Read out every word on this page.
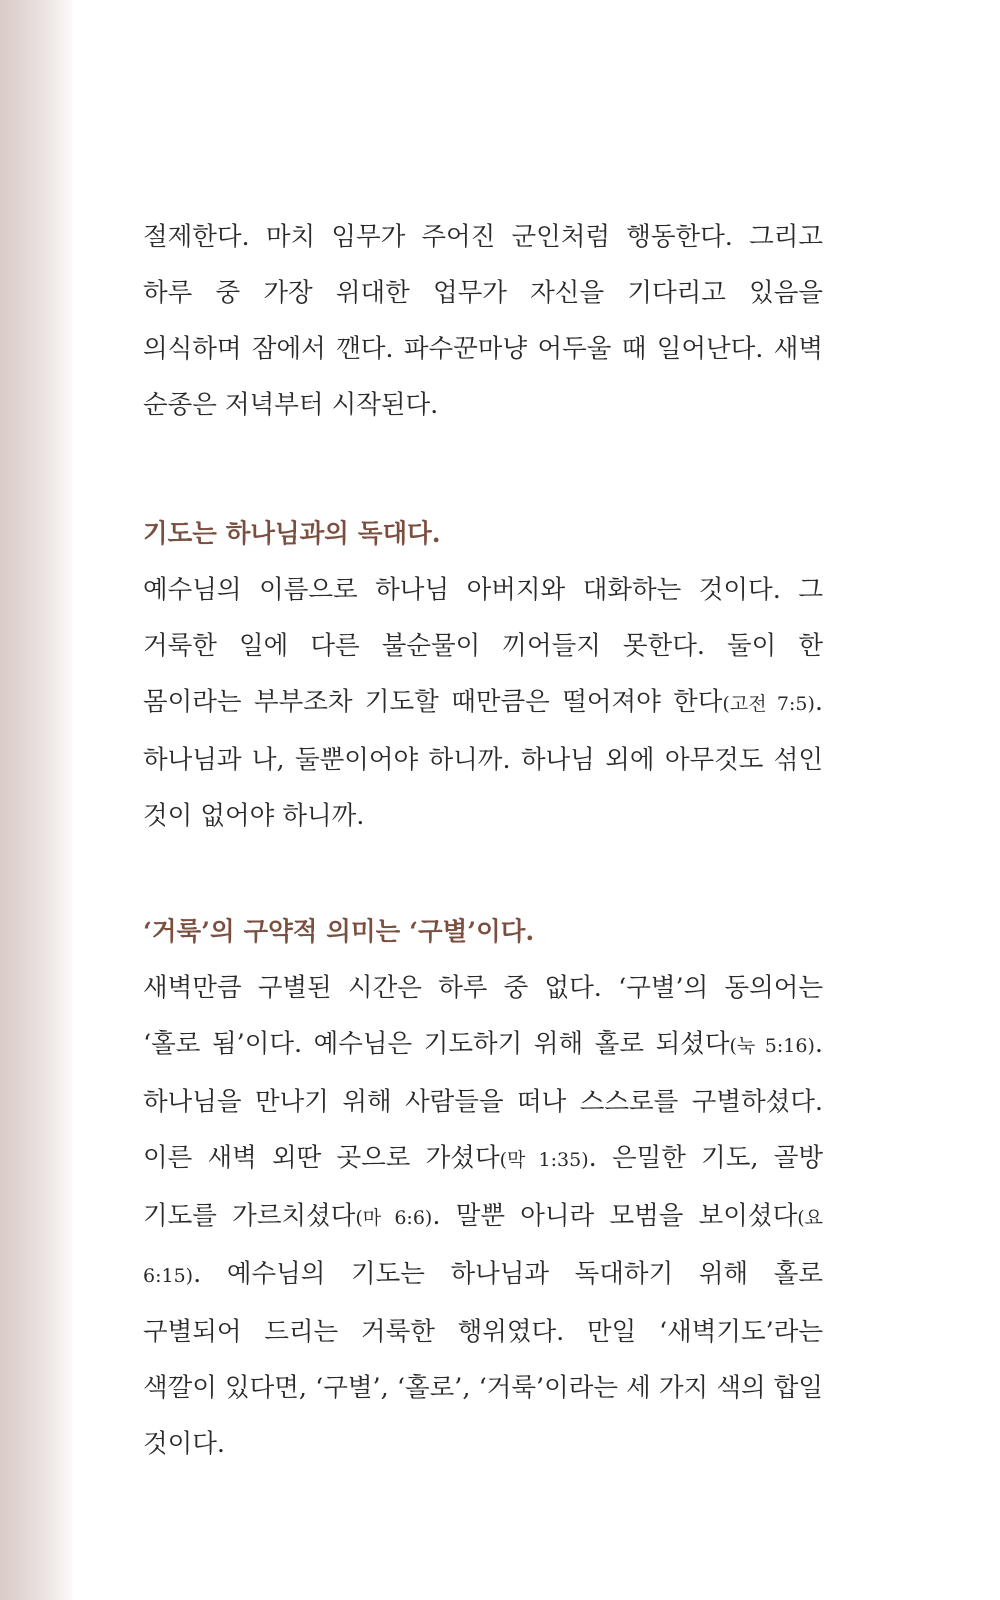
절제한다. 마치 임무가 주어진 군인처럼 행동한다. 그리고 하루 중 가장 위대한 업무가 자신을 기다리고 있음을 의식하며 잠에서 깬다. 파수꾼마냥 어두울 때 일어난다. 새벽 순종은 저녁부터 시작된다.

기도는 하나님과의 독대다.

예수님의 이름으로 하나님 아버지와 대화하는 것이다. 그 거룩한 일에 다른 불순물이 끼어들지 못한다. 둘이 한 몸이라는 부부조차 기도할 때만큼은 떨어져야 한다(고전 7:5). 하나님과 나, 둘뿐이어야 하니까. 하나님 외에 아무것도 섞인 것이 없어야 하니까.

‘거룩’의 구약적 의미는 ‘구별’이다.

새벽만큼 구별된 시간은 하루 중 없다. ‘구별’의 동의어는 ‘홀로 됨’이다. 예수님은 기도하기 위해 홀로 되셨다(눅 5:16). 하나님을 만나기 위해 사람들을 떠나 스스로를 구별하셨다. 이른 새벽 외딴 곳으로 가셨다(막 1:35). 은밀한 기도, 골방 기도를 가르치셨다(마 6:6). 말뿐 아니라 모범을 보이셨다(요 6:15). 예수님의 기도는 하나님과 독대하기 위해 홀로 구별되어 드리는 거룩한 행위였다. 만일 ‘새벽기도’라는 색깔이 있다면, ‘구별’, ‘홀로’, ‘거룩’이라는 세 가지 색의 합일 것이다.
